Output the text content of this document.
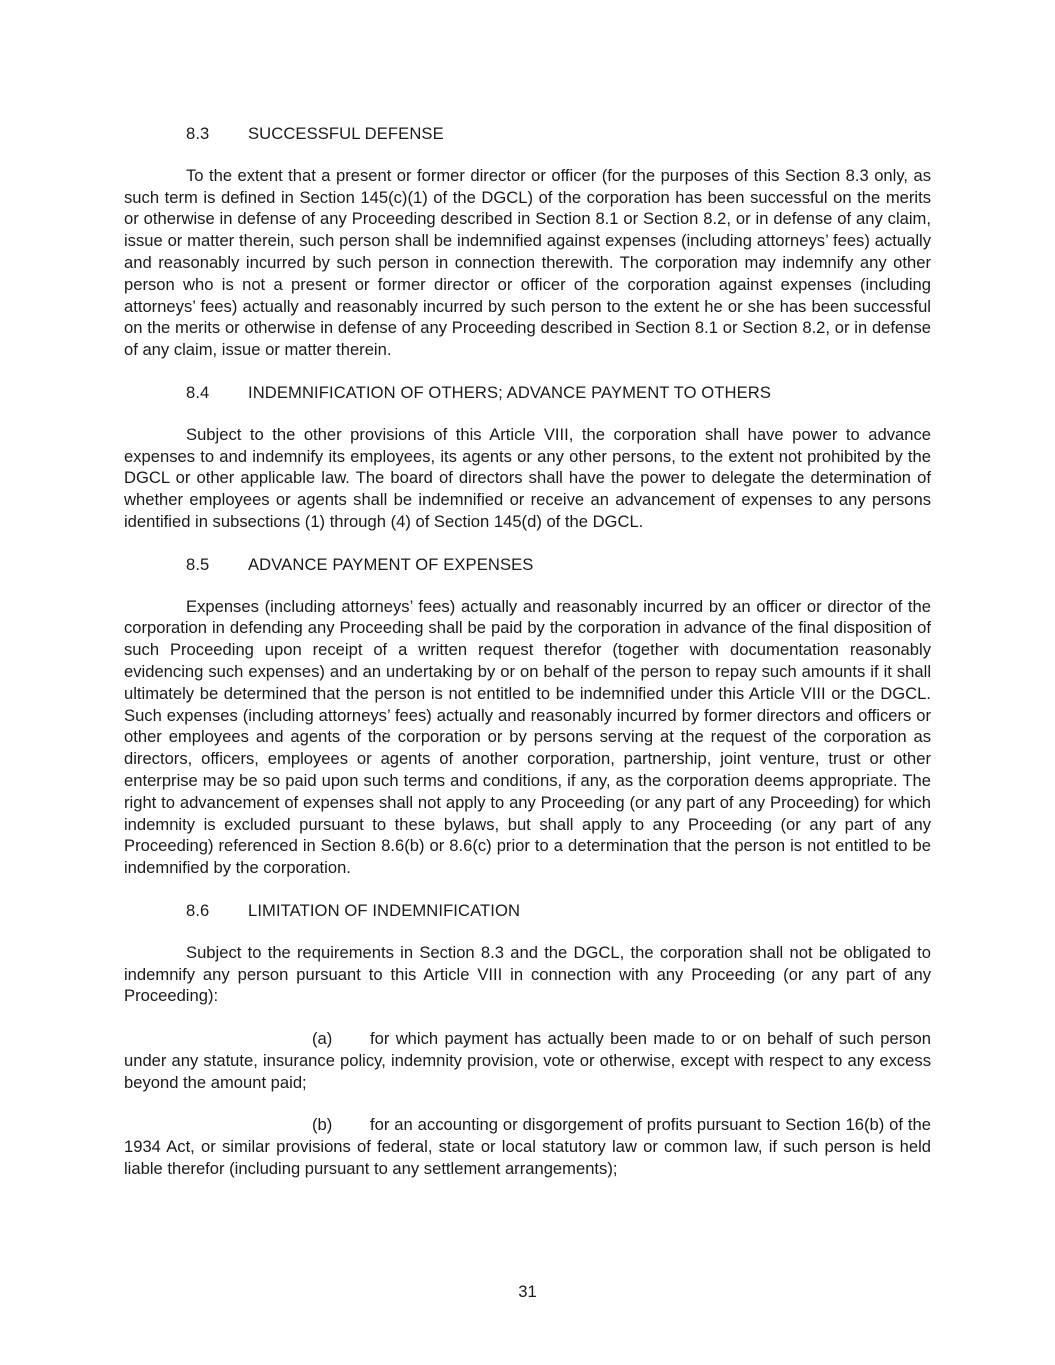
8.3 SUCCESSFUL DEFENSE

To the extent that a present or former director or officer (for the purposes of this Section 8.3 only, as such term is defined in Section 145(c)(1) of the DGCL) of the corporation has been successful on the merits or otherwise in defense of any Proceeding described in Section 8.1 or Section 8.2, or in defense of any claim, issue or matter therein, such person shall be indemnified against expenses (including attorneys’ fees) actually and reasonably incurred by such person in connection therewith. The corporation may indemnify any other person who is not a present or former director or officer of the corporation against expenses (including attorneys’ fees) actually and reasonably incurred by such person to the extent he or she has been successful on the merits or otherwise in defense of any Proceeding described in Section 8.1 or Section 8.2, or in defense of any claim, issue or matter therein.

8.4 INDEMNIFICATION OF OTHERS; ADVANCE PAYMENT TO OTHERS

Subject to the other provisions of this Article VIII, the corporation shall have power to advance expenses to and indemnify its employees, its agents or any other persons, to the extent not prohibited by the DGCL or other applicable law. The board of directors shall have the power to delegate the determination of whether employees or agents shall be indemnified or receive an advancement of expenses to any persons identified in subsections (1) through (4) of Section 145(d) of the DGCL.

8.5 ADVANCE PAYMENT OF EXPENSES

Expenses (including attorneys’ fees) actually and reasonably incurred by an officer or director of the corporation in defending any Proceeding shall be paid by the corporation in advance of the final disposition of such Proceeding upon receipt of a written request therefor (together with documentation reasonably evidencing such expenses) and an undertaking by or on behalf of the person to repay such amounts if it shall ultimately be determined that the person is not entitled to be indemnified under this Article VIII or the DGCL. Such expenses (including attorneys’ fees) actually and reasonably incurred by former directors and officers or other employees and agents of the corporation or by persons serving at the request of the corporation as directors, officers, employees or agents of another corporation, partnership, joint venture, trust or other enterprise may be so paid upon such terms and conditions, if any, as the corporation deems appropriate. The right to advancement of expenses shall not apply to any Proceeding (or any part of any Proceeding) for which indemnity is excluded pursuant to these bylaws, but shall apply to any Proceeding (or any part of any Proceeding) referenced in Section 8.6(b) or 8.6(c) prior to a determination that the person is not entitled to be indemnified by the corporation.

8.6 LIMITATION OF INDEMNIFICATION

Subject to the requirements in Section 8.3 and the DGCL, the corporation shall not be obligated to indemnify any person pursuant to this Article VIII in connection with any Proceeding (or any part of any Proceeding):

(a) for which payment has actually been made to or on behalf of such person under any statute, insurance policy, indemnity provision, vote or otherwise, except with respect to any excess beyond the amount paid;

(b) for an accounting or disgorgement of profits pursuant to Section 16(b) of the 1934 Act, or similar provisions of federal, state or local statutory law or common law, if such person is held liable therefor (including pursuant to any settlement arrangements);

31
